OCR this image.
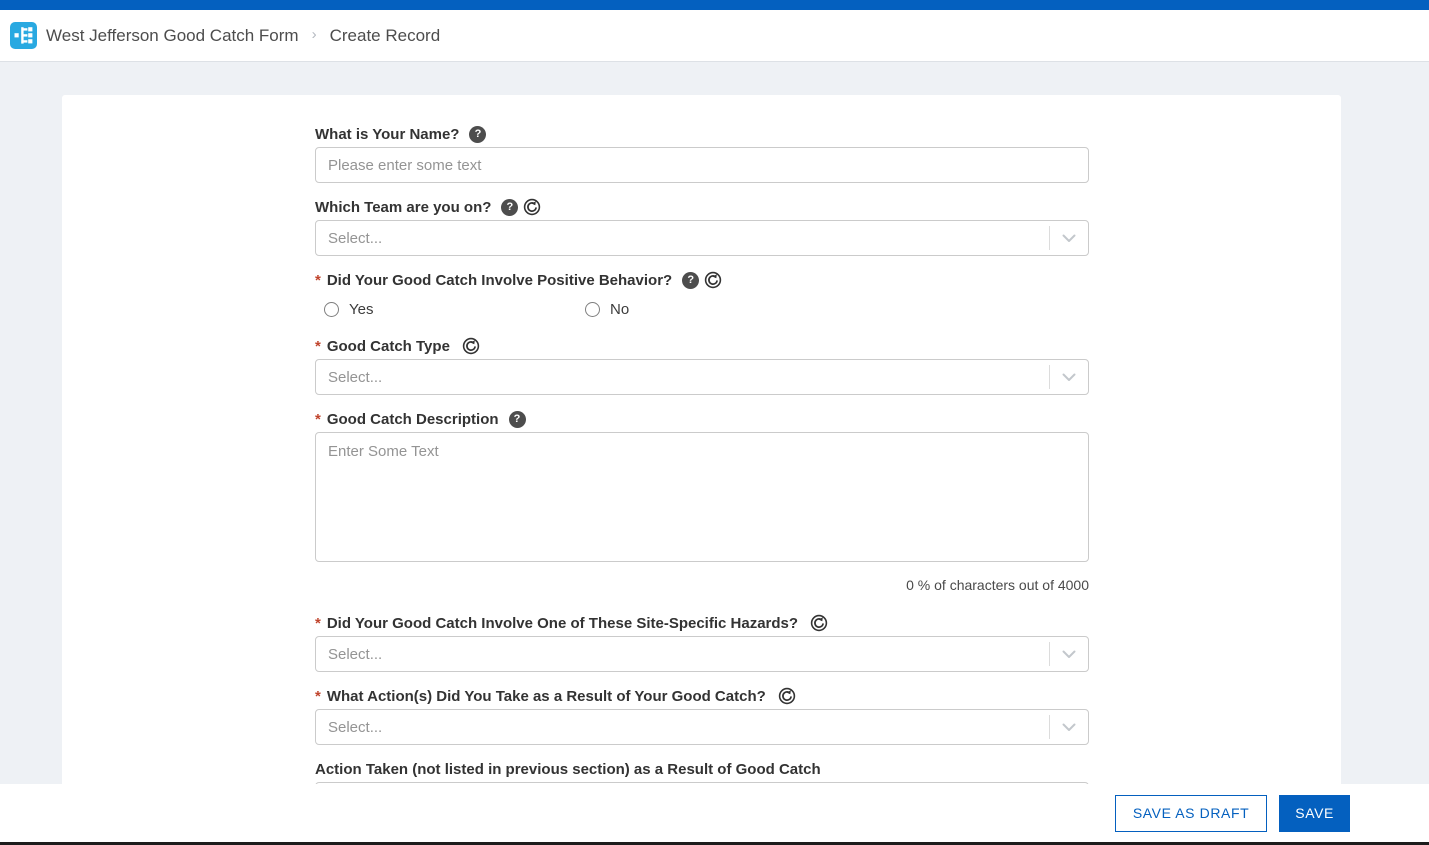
West Jefferson Good Catch Form › Create Record
What is Your Name?	?
Please enter some text
Which Team are you on?	?
Select...
* Did Your Good Catch Involve Positive Behavior?	?
Yes	No
* Good Catch Type
Select...
* Good Catch Description	?
Enter Some Text
0 % of characters out of 4000
* Did Your Good Catch Involve One of These Site-Specific Hazards?
Select...
* What Action(s) Did You Take as a Result of Your Good Catch?
Select...
Action Taken (not listed in previous section) as a Result of Good Catch
SAVE AS DRAFT	SAVE
